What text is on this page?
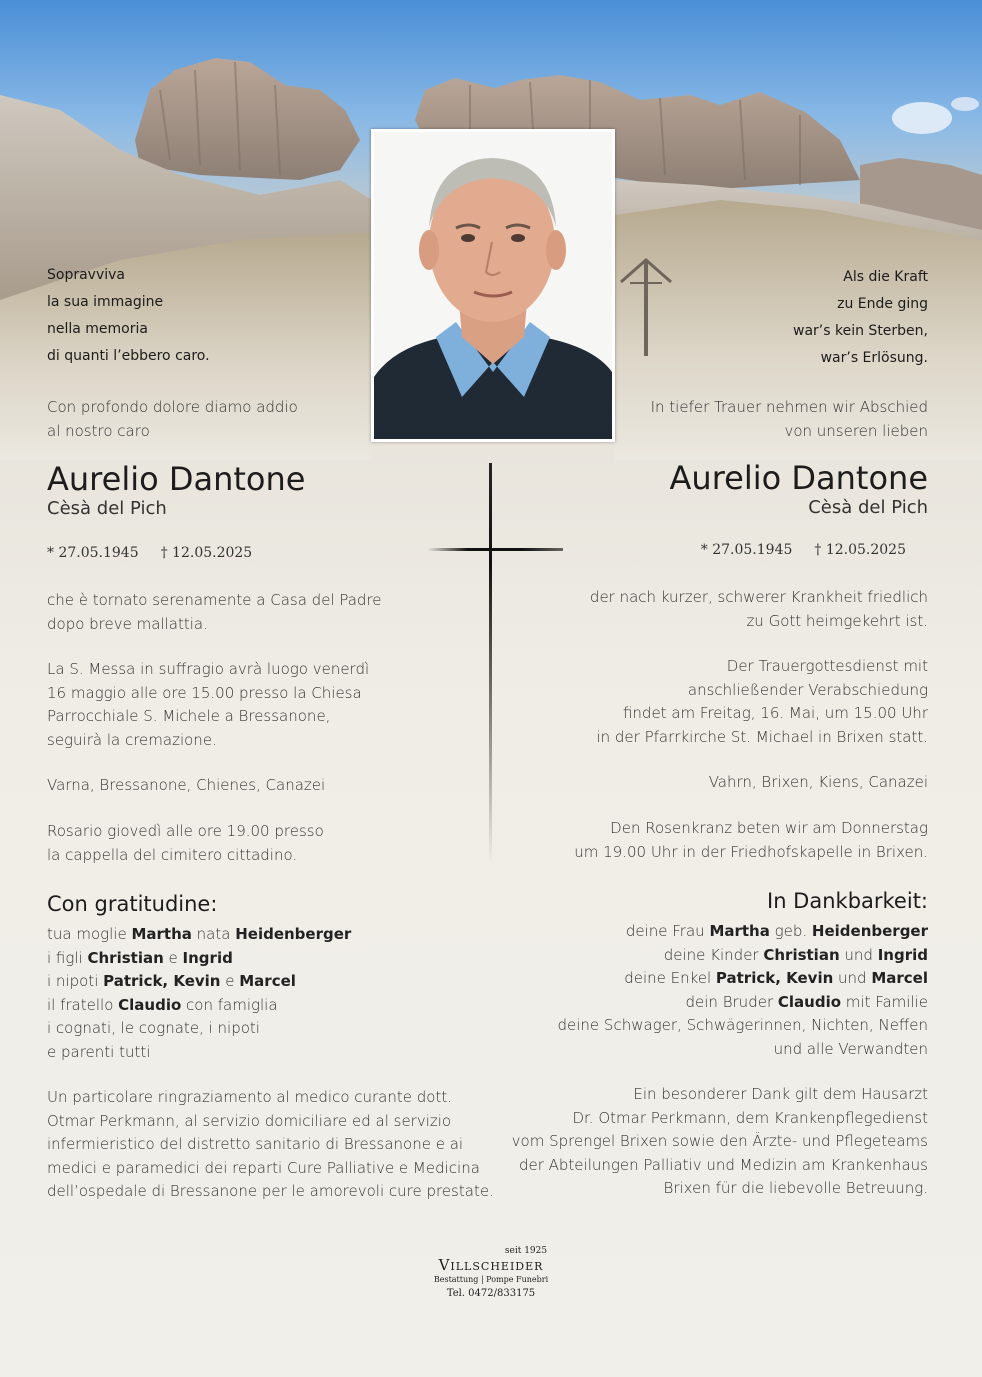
Sopravviva
la sua immagine
nella memoria
di quanti l’ebbero caro.
Con profondo dolore diamo addio
al nostro caro
Aurelio Dantone
Cèsà del Pich
* 27.05.1945 † 12.05.2025
che è tornato serenamente a Casa del Padre
dopo breve mallattia.
La S. Messa in suffragio avrà luogo venerdì
16 maggio alle ore 15.00 presso la Chiesa
Parrocchiale S. Michele a Bressanone,
seguirà la cremazione.
Varna, Bressanone, Chienes, Canazei
Rosario giovedì alle ore 19.00 presso
la cappella del cimitero cittadino.
Con gratitudine:
tua moglie Martha nata Heidenberger
i figli Christian e Ingrid
i nipoti Patrick, Kevin e Marcel
il fratello Claudio con famiglia
i cognati, le cognate, i nipoti
e parenti tutti
Un particolare ringraziamento al medico curante dott.
Otmar Perkmann, al servizio domiciliare ed al servizio
infermieristico del distretto sanitario di Bressanone e ai
medici e paramedici dei reparti Cure Palliative e Medicina
dell’ospedale di Bressanone per le amorevoli cure prestate.
Als die Kraft
zu Ende ging
war’s kein Sterben,
war’s Erlösung.
In tiefer Trauer nehmen wir Abschied
von unseren lieben
Aurelio Dantone
Cèsà del Pich
* 27.05.1945 † 12.05.2025
der nach kurzer, schwerer Krankheit friedlich
zu Gott heimgekehrt ist.
Der Trauergottesdienst mit
anschließender Verabschiedung
findet am Freitag, 16. Mai, um 15.00 Uhr
in der Pfarrkirche St. Michael in Brixen statt.
Vahrn, Brixen, Kiens, Canazei
Den Rosenkranz beten wir am Donnerstag
um 19.00 Uhr in der Friedhofskapelle in Brixen.
In Dankbarkeit:
deine Frau Martha geb. Heidenberger
deine Kinder Christian und Ingrid
deine Enkel Patrick, Kevin und Marcel
dein Bruder Claudio mit Familie
deine Schwager, Schwägerinnen, Nichten, Neffen
und alle Verwandten
Ein besonderer Dank gilt dem Hausarzt
Dr. Otmar Perkmann, dem Krankenpflegedienst
vom Sprengel Brixen sowie den Ärzte- und Pflegeteams
der Abteilungen Palliativ und Medizin am Krankenhaus
Brixen für die liebevolle Betreuung.
seit 1925
Villscheider
Bestattung | Pompe Funebri
Tel. 0472/833175
